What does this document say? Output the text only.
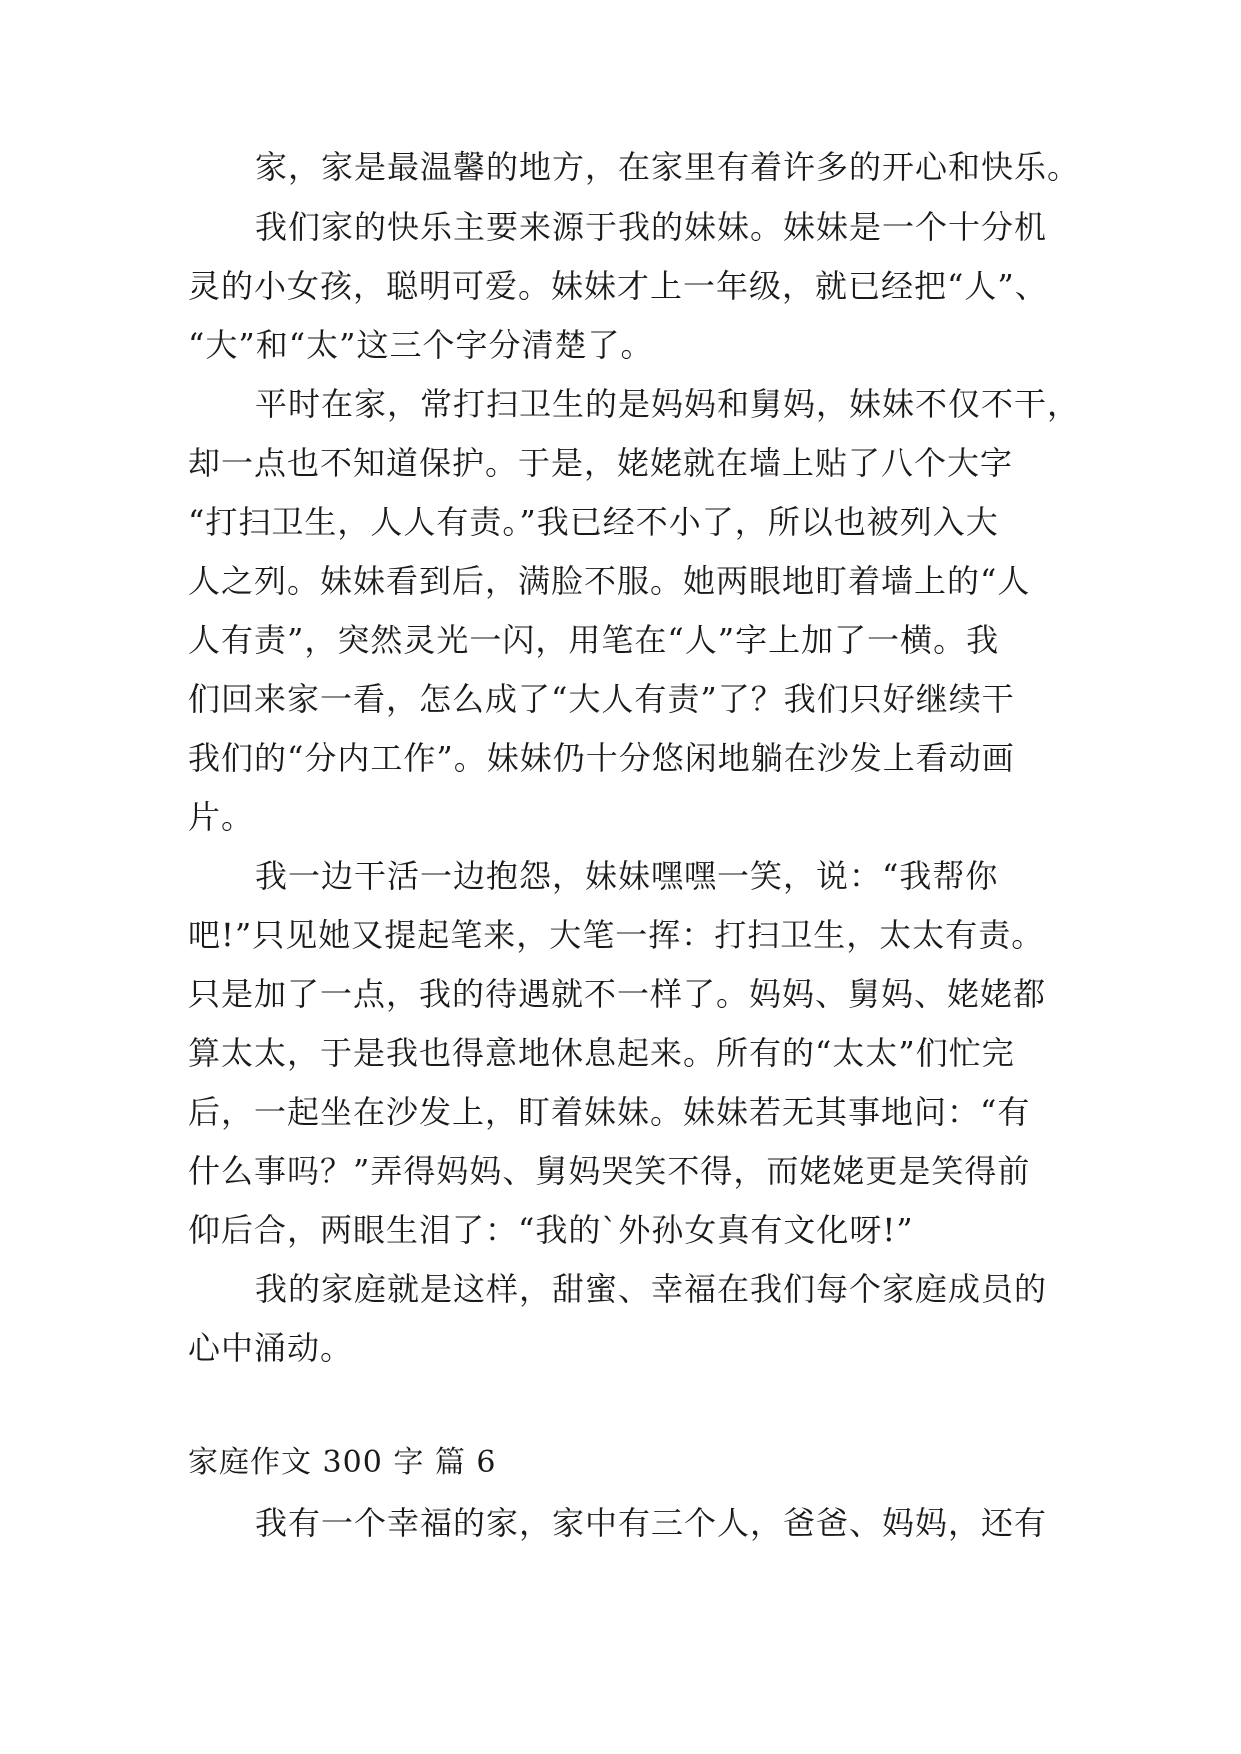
家，家是最温馨的地方，在家里有着许多的开心和快乐。
我们家的快乐主要来源于我的妹妹。妹妹是一个十分机
灵的小女孩，聪明可爱。妹妹才上一年级，就已经把“人”、
“大”和“太”这三个字分清楚了。
平时在家，常打扫卫生的是妈妈和舅妈，妹妹不仅不干，
却一点也不知道保护。于是，姥姥就在墙上贴了八个大字
“打扫卫生，人人有责。”我已经不小了，所以也被列入大
人之列。妹妹看到后，满脸不服。她两眼地盯着墙上的“人
人有责”，突然灵光一闪，用笔在“人”字上加了一横。我
们回来家一看，怎么成了“大人有责”了？我们只好继续干
我们的“分内工作”。妹妹仍十分悠闲地躺在沙发上看动画
片。
我一边干活一边抱怨，妹妹嘿嘿一笑，说：“我帮你
吧!”只见她又提起笔来，大笔一挥：打扫卫生，太太有责。
只是加了一点，我的待遇就不一样了。妈妈、舅妈、姥姥都
算太太，于是我也得意地休息起来。所有的“太太”们忙完
后，一起坐在沙发上，盯着妹妹。妹妹若无其事地问：“有
什么事吗？”弄得妈妈、舅妈哭笑不得，而姥姥更是笑得前
仰后合，两眼生泪了：“我的`外孙女真有文化呀!”
我的家庭就是这样，甜蜜、幸福在我们每个家庭成员的
心中涌动。
家庭作文 300 字 篇 6
我有一个幸福的家，家中有三个人，爸爸、妈妈，还有
